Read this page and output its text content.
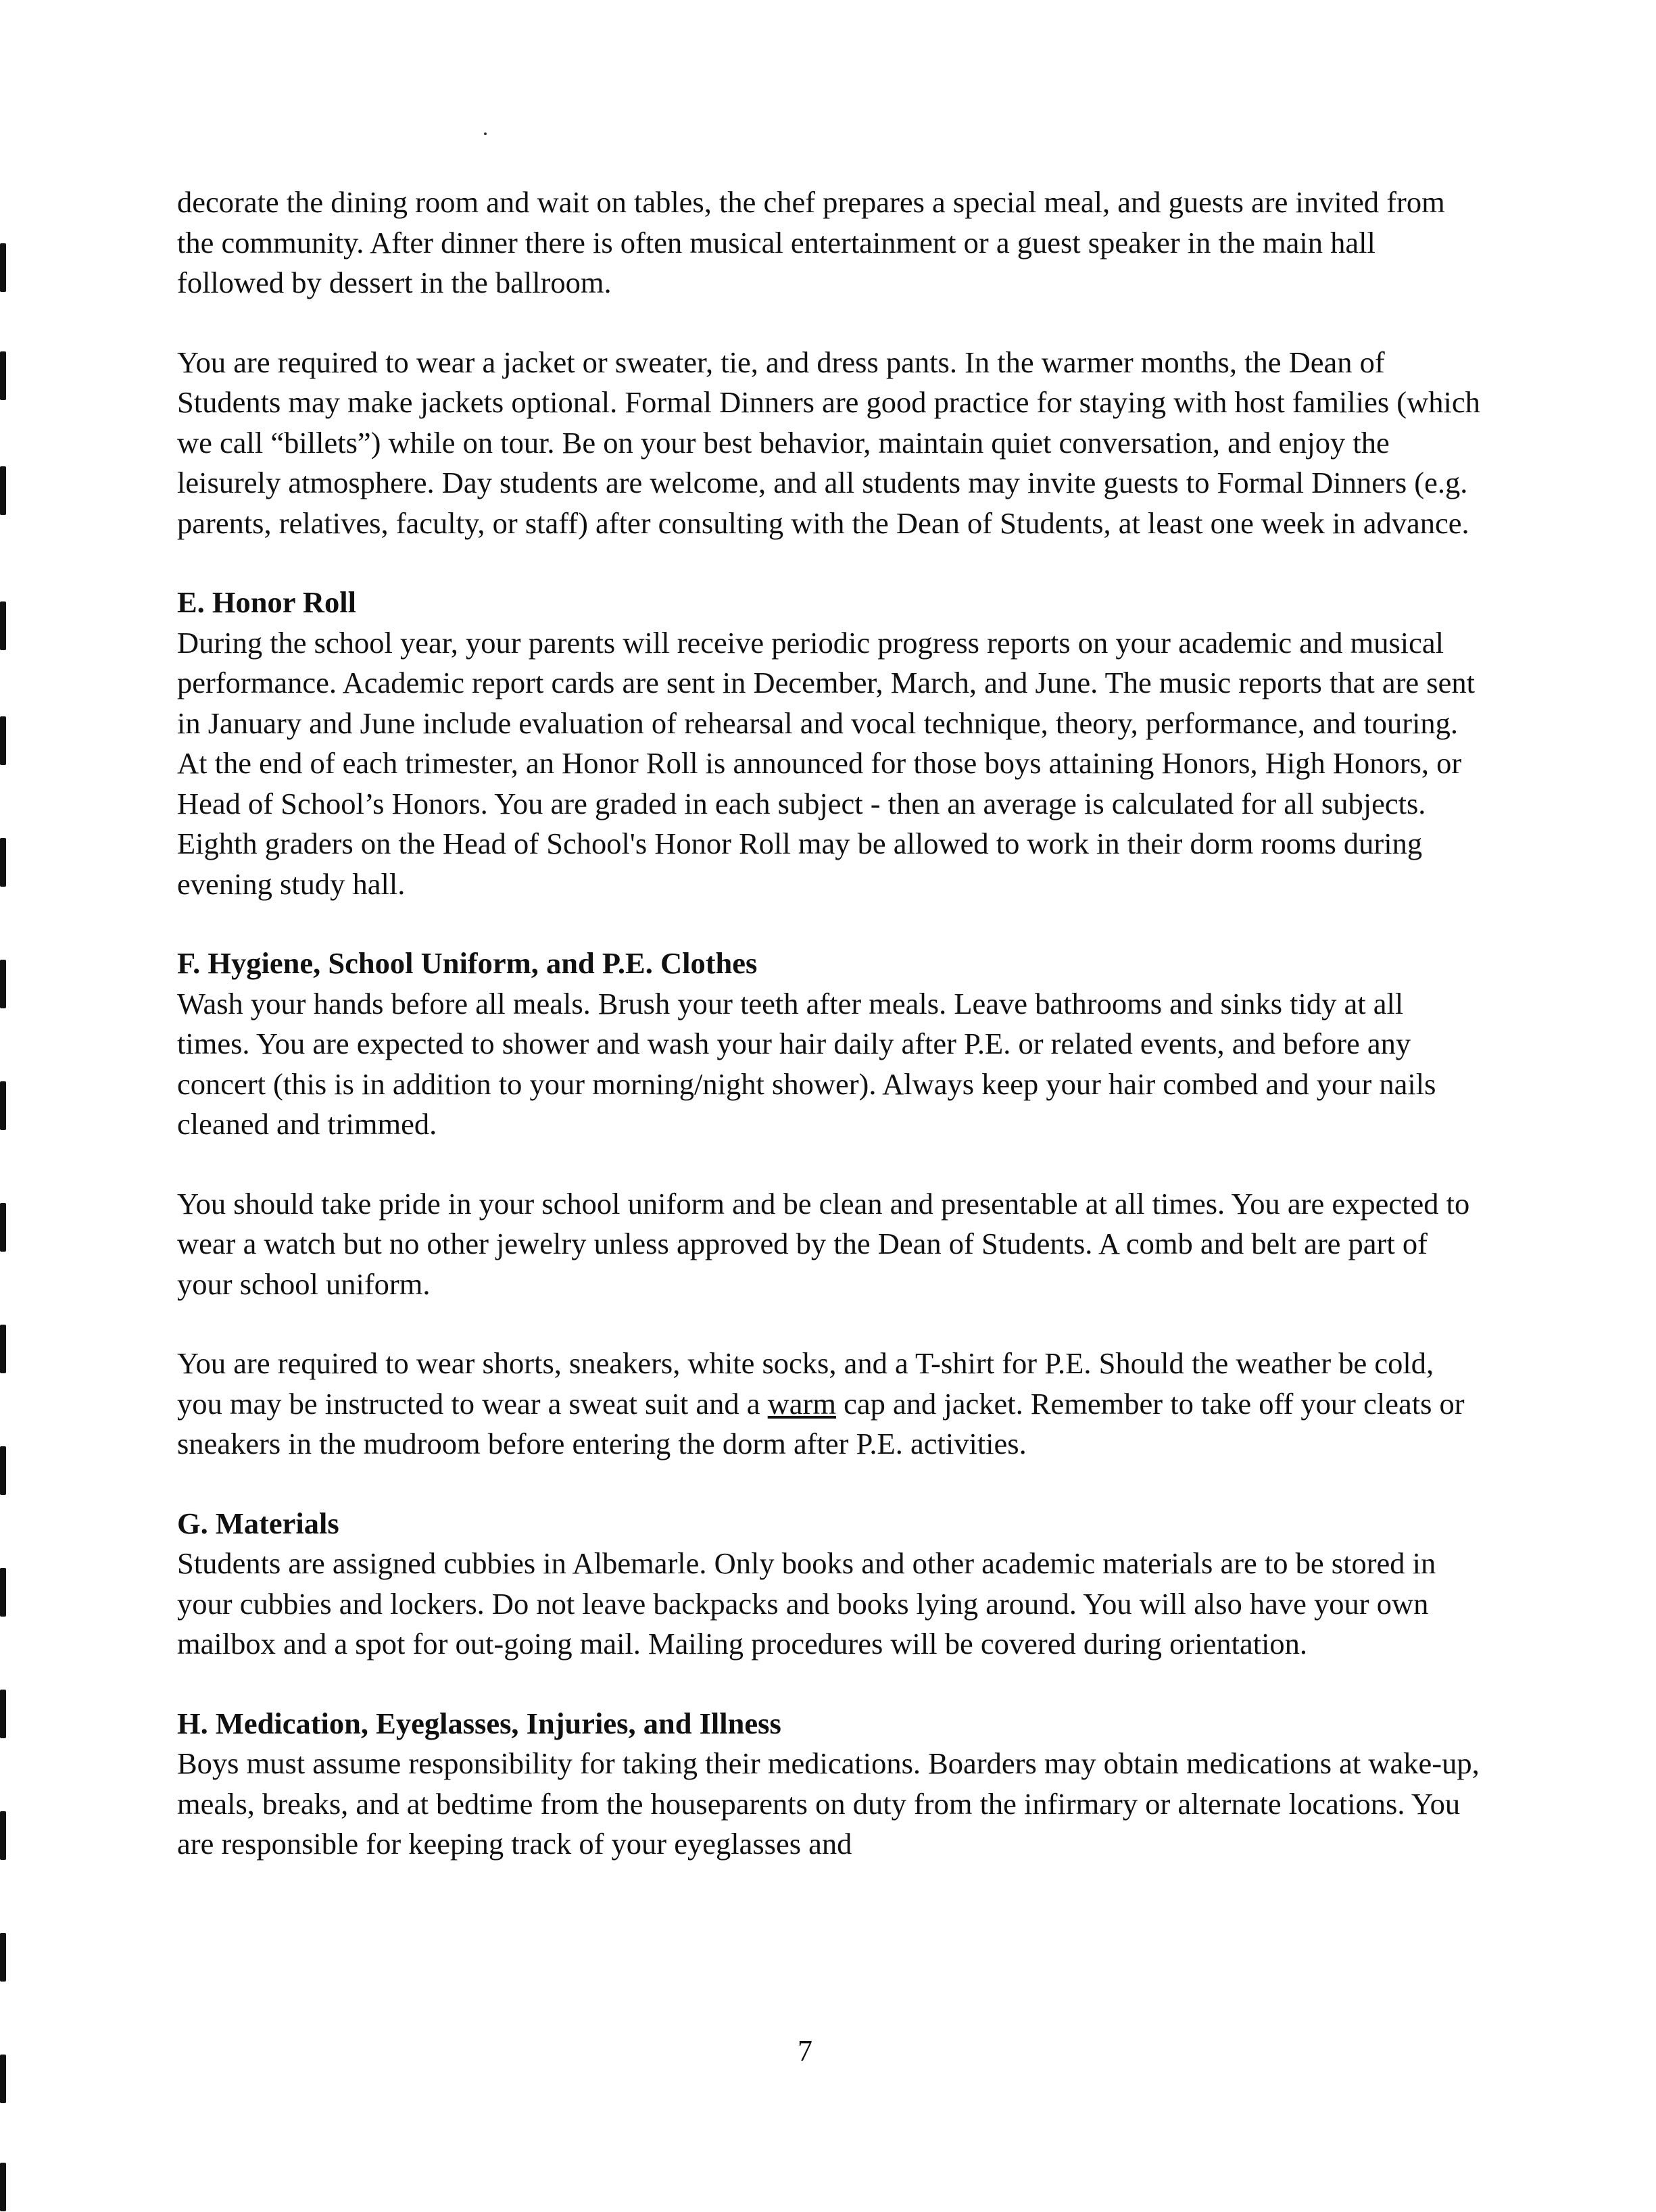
decorate the dining room and wait on tables, the chef prepares a special meal, and guests are invited from the community. After dinner there is often musical entertainment or a guest speaker in the main hall followed by dessert in the ballroom.

You are required to wear a jacket or sweater, tie, and dress pants. In the warmer months, the Dean of Students may make jackets optional. Formal Dinners are good practice for staying with host families (which we call “billets”) while on tour. Be on your best behavior, maintain quiet conversation, and enjoy the leisurely atmosphere. Day students are welcome, and all students may invite guests to Formal Dinners (e.g. parents, relatives, faculty, or staff) after consulting with the Dean of Students, at least one week in advance.

E. Honor Roll

During the school year, your parents will receive periodic progress reports on your academic and musical performance. Academic report cards are sent in December, March, and June. The music reports that are sent in January and June include evaluation of rehearsal and vocal technique, theory, performance, and touring. At the end of each trimester, an Honor Roll is announced for those boys attaining Honors, High Honors, or Head of School’s Honors. You are graded in each subject - then an average is calculated for all subjects. Eighth graders on the Head of School's Honor Roll may be allowed to work in their dorm rooms during evening study hall.

F. Hygiene, School Uniform, and P.E. Clothes

Wash your hands before all meals. Brush your teeth after meals. Leave bathrooms and sinks tidy at all times. You are expected to shower and wash your hair daily after P.E. or related events, and before any concert (this is in addition to your morning/night shower). Always keep your hair combed and your nails cleaned and trimmed.

You should take pride in your school uniform and be clean and presentable at all times. You are expected to wear a watch but no other jewelry unless approved by the Dean of Students. A comb and belt are part of your school uniform.

You are required to wear shorts, sneakers, white socks, and a T-shirt for P.E. Should the weather be cold, you may be instructed to wear a sweat suit and a warm cap and jacket. Remember to take off your cleats or sneakers in the mudroom before entering the dorm after P.E. activities.

G. Materials

Students are assigned cubbies in Albemarle. Only books and other academic materials are to be stored in your cubbies and lockers. Do not leave backpacks and books lying around. You will also have your own mailbox and a spot for out-going mail. Mailing procedures will be covered during orientation.

H. Medication, Eyeglasses, Injuries, and Illness

Boys must assume responsibility for taking their medications. Boarders may obtain medications at wake-up, meals, breaks, and at bedtime from the houseparents on duty from the infirmary or alternate locations. You are responsible for keeping track of your eyeglasses and

7
